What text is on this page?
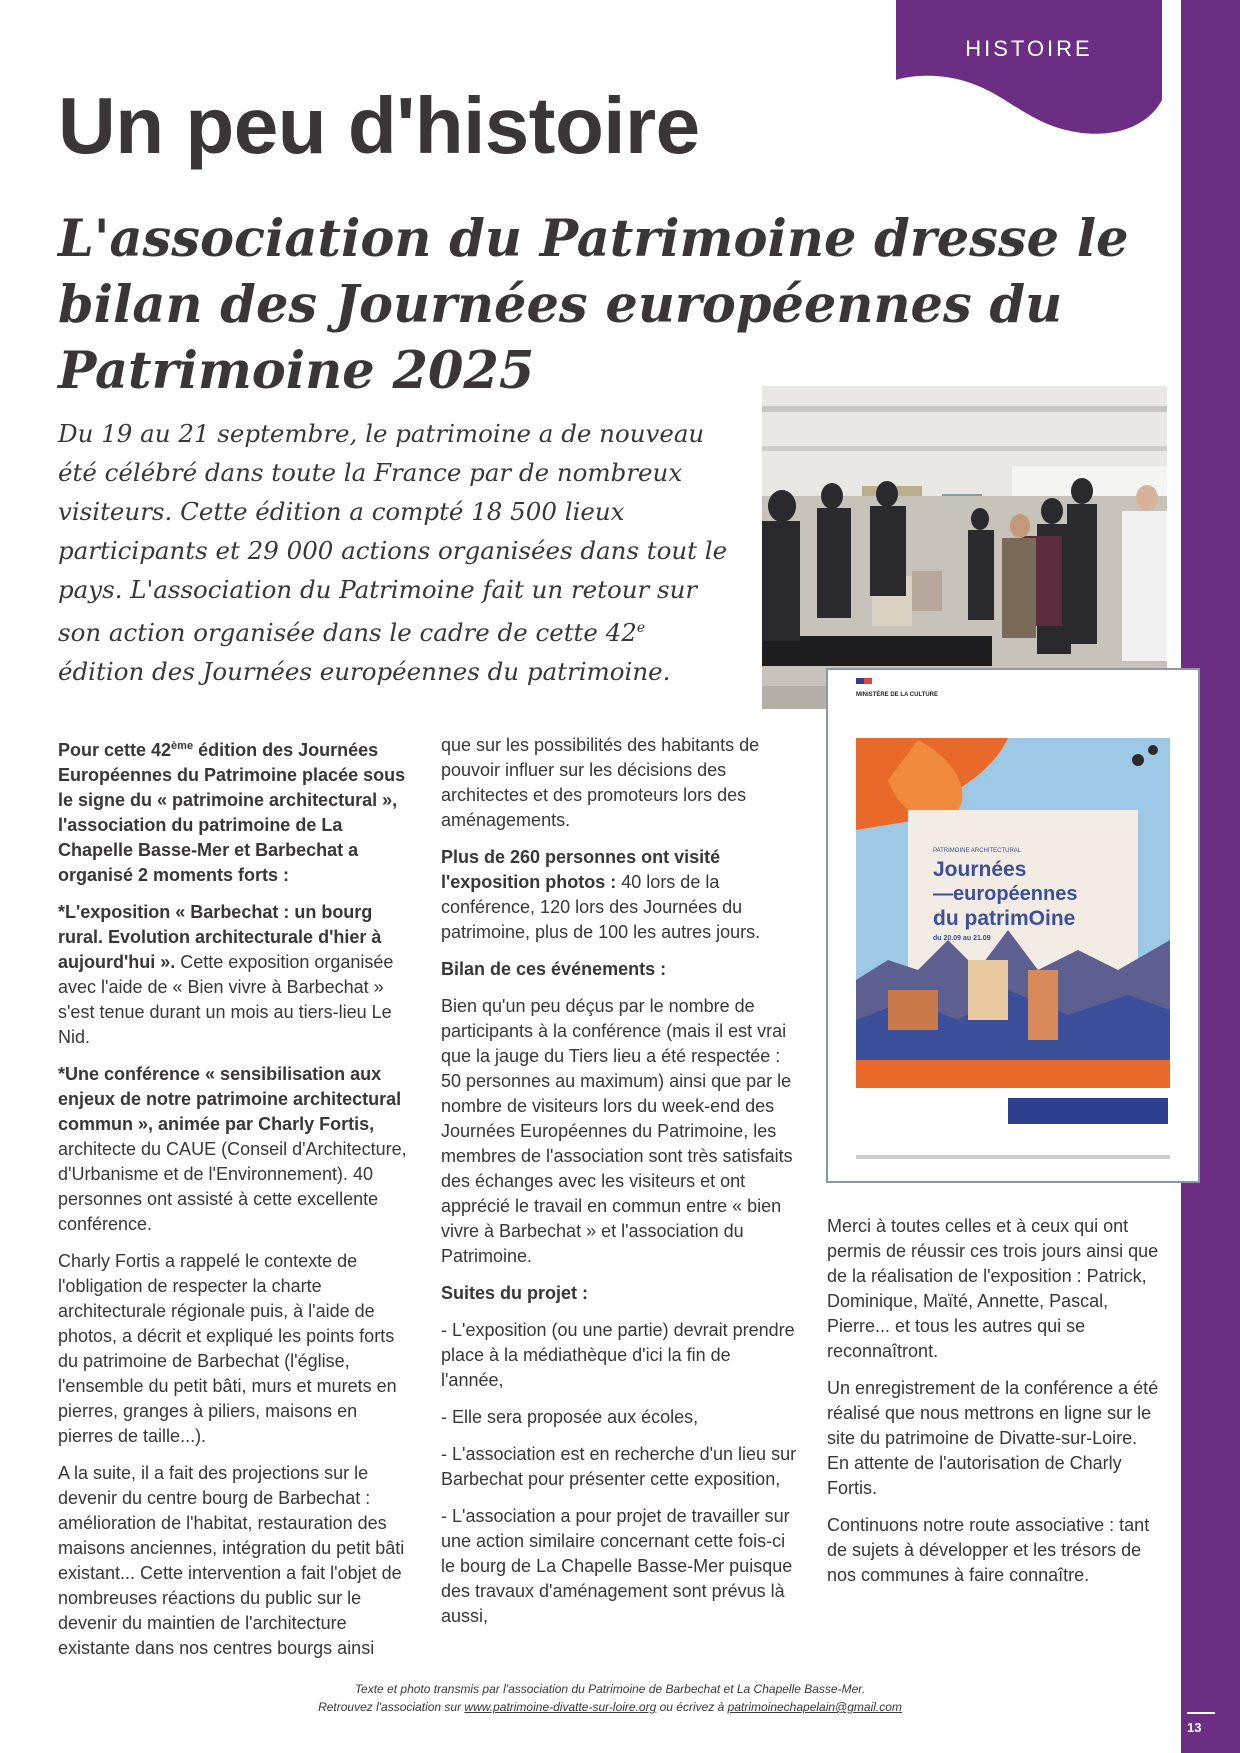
13
HISTOIRE
Un peu d'histoire
L'association du Patrimoine dresse le bilan des Journées européennes du Patrimoine 2025
Du 19 au 21 septembre, le patrimoine a de nouveau été célébré dans toute la France par de nombreux visiteurs. Cette édition a compté 18 500 lieux participants et 29 000 actions organisées dans tout le pays. L'association du Patrimoine fait un retour sur son action organisée dans le cadre de cette 42e édition des Journées européennes du patrimoine.
MINISTÈRE DE LA CULTURE
PATRIMOINE ARCHITECTURAL
Journées
—européennes
du patrimOine
du 20.09 au 21.09

Pour cette 42ème édition des Journées Européennes du Patrimoine placée sous le signe du « patrimoine architectural », l'association du patrimoine de La Chapelle Basse-Mer et Barbechat a organisé 2 moments forts :

*L'exposition « Barbechat : un bourg rural. Evolution architecturale d'hier à aujourd'hui ». Cette exposition organisée avec l'aide de « Bien vivre à Barbechat » s'est tenue durant un mois au tiers-lieu Le Nid.

*Une conférence « sensibilisation aux enjeux de notre patrimoine architectural commun », animée par Charly Fortis, architecte du CAUE (Conseil d'Architecture, d'Urbanisme et de l'Environnement). 40 personnes ont assisté à cette excellente conférence.

Charly Fortis a rappelé le contexte de l'obligation de respecter la charte architecturale régionale puis, à l'aide de photos, a décrit et expliqué les points forts du patrimoine de Barbechat (l'église, l'ensemble du petit bâti, murs et murets en pierres, granges à piliers, maisons en pierres de taille...).

A la suite, il a fait des projections sur le devenir du centre bourg de Barbechat : amélioration de l'habitat, restauration des maisons anciennes, intégration du petit bâti existant... Cette intervention a fait l'objet de nombreuses réactions du public sur le devenir du maintien de l'architecture existante dans nos centres bourgs ainsi

que sur les possibilités des habitants de pouvoir influer sur les décisions des architectes et des promoteurs lors des aménagements.

Plus de 260 personnes ont visité l'exposition photos : 40 lors de la conférence, 120 lors des Journées du patrimoine, plus de 100 les autres jours.

Bilan de ces événements :

Bien qu'un peu déçus par le nombre de participants à la conférence (mais il est vrai que la jauge du Tiers lieu a été respectée : 50 personnes au maximum) ainsi que par le nombre de visiteurs lors du week-end des Journées Européennes du Patrimoine, les membres de l'association sont très satisfaits des échanges avec les visiteurs et ont apprécié le travail en commun entre « bien vivre à Barbechat » et l'association du Patrimoine.

Suites du projet :

- L'exposition (ou une partie) devrait prendre place à la médiathèque d'ici la fin de l'année,

- Elle sera proposée aux écoles,

- L'association est en recherche d'un lieu sur Barbechat pour présenter cette exposition,

- L'association a pour projet de travailler sur une action similaire concernant cette fois-ci le bourg de La Chapelle Basse-Mer puisque des travaux d'aménagement sont prévus là aussi,

Merci à toutes celles et à ceux qui ont permis de réussir ces trois jours ainsi que de la réalisation de l'exposition : Patrick, Dominique, Maïté, Annette, Pascal, Pierre... et tous les autres qui se reconnaîtront.

Un enregistrement de la conférence a été réalisé que nous mettrons en ligne sur le site du patrimoine de Divatte-sur-Loire. En attente de l'autorisation de Charly Fortis.

Continuons notre route associative : tant de sujets à développer et les trésors de nos communes à faire connaître.

Texte et photo transmis par l'association du Patrimoine de Barbechat et La Chapelle Basse-Mer.
Retrouvez l'association sur www.patrimoine-divatte-sur-loire.org ou écrivez à patrimoinechapelain@gmail.com
